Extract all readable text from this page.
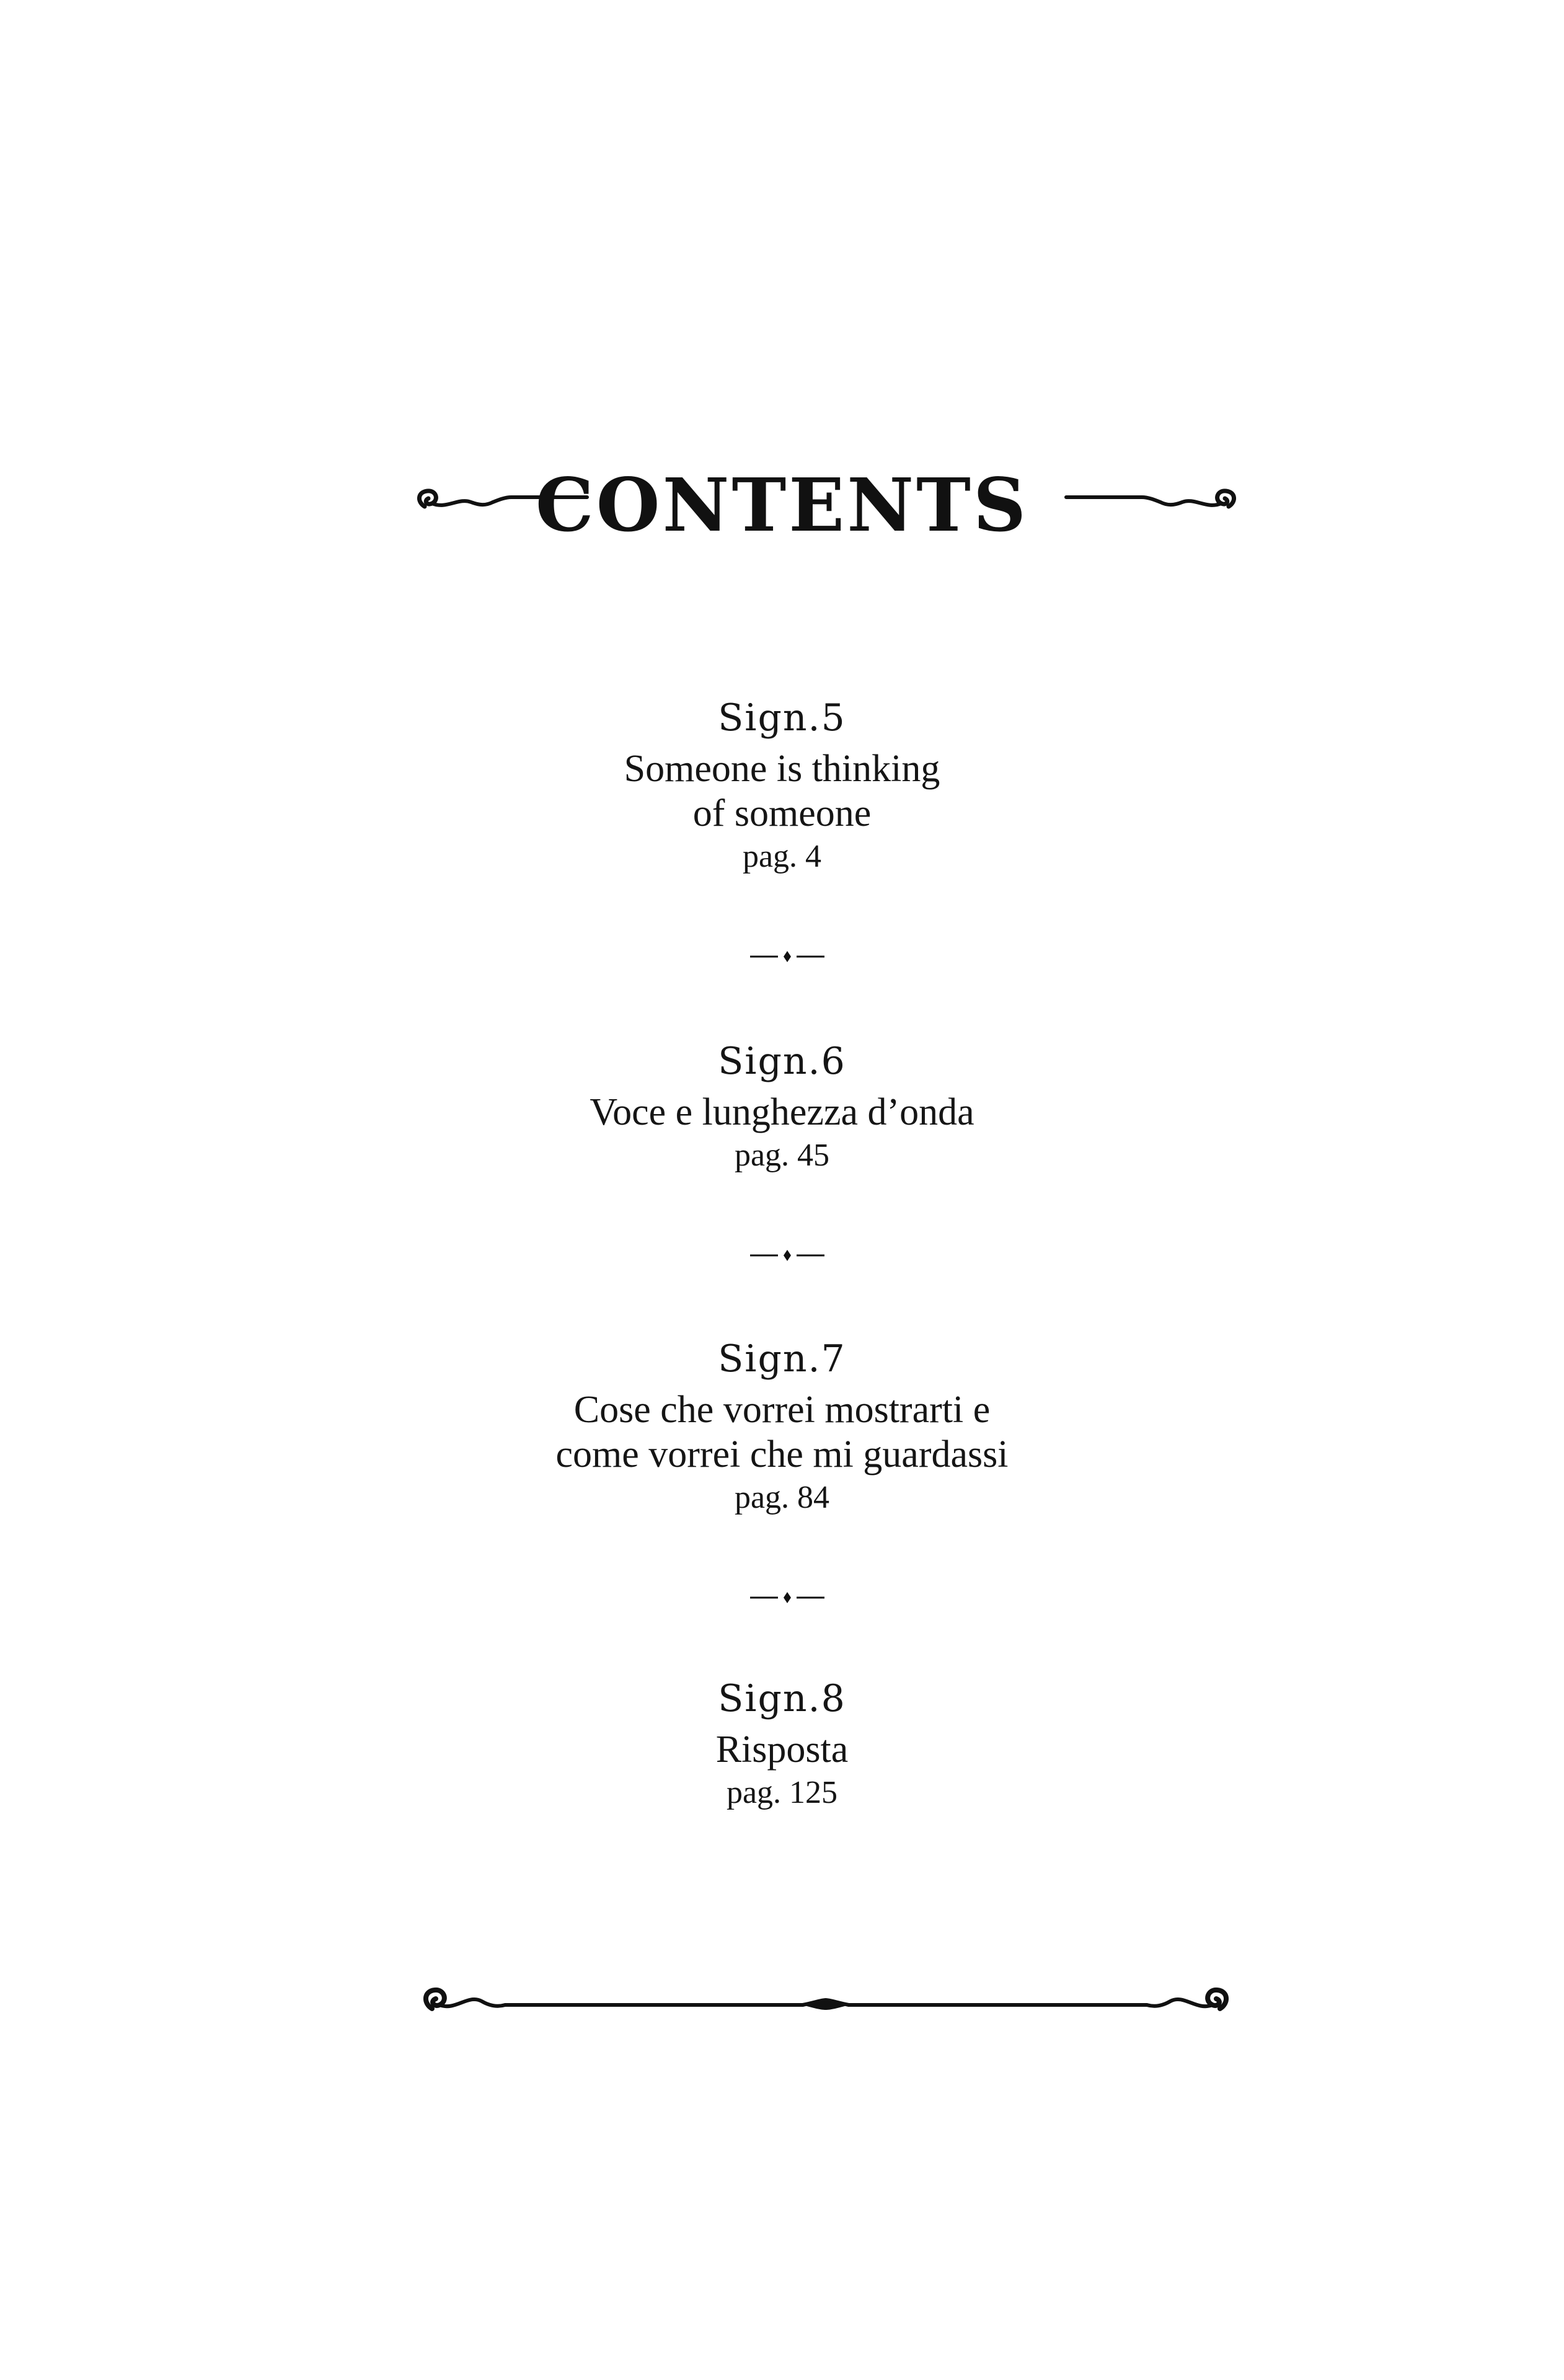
CONTENTS
Sign.5
Someone is thinking
of someone
pag. 4
Sign.6
Voce e lunghezza d’onda
pag. 45
Sign.7
Cose che vorrei mostrarti e
come vorrei che mi guardassi
pag. 84
Sign.8
Risposta
pag. 125
